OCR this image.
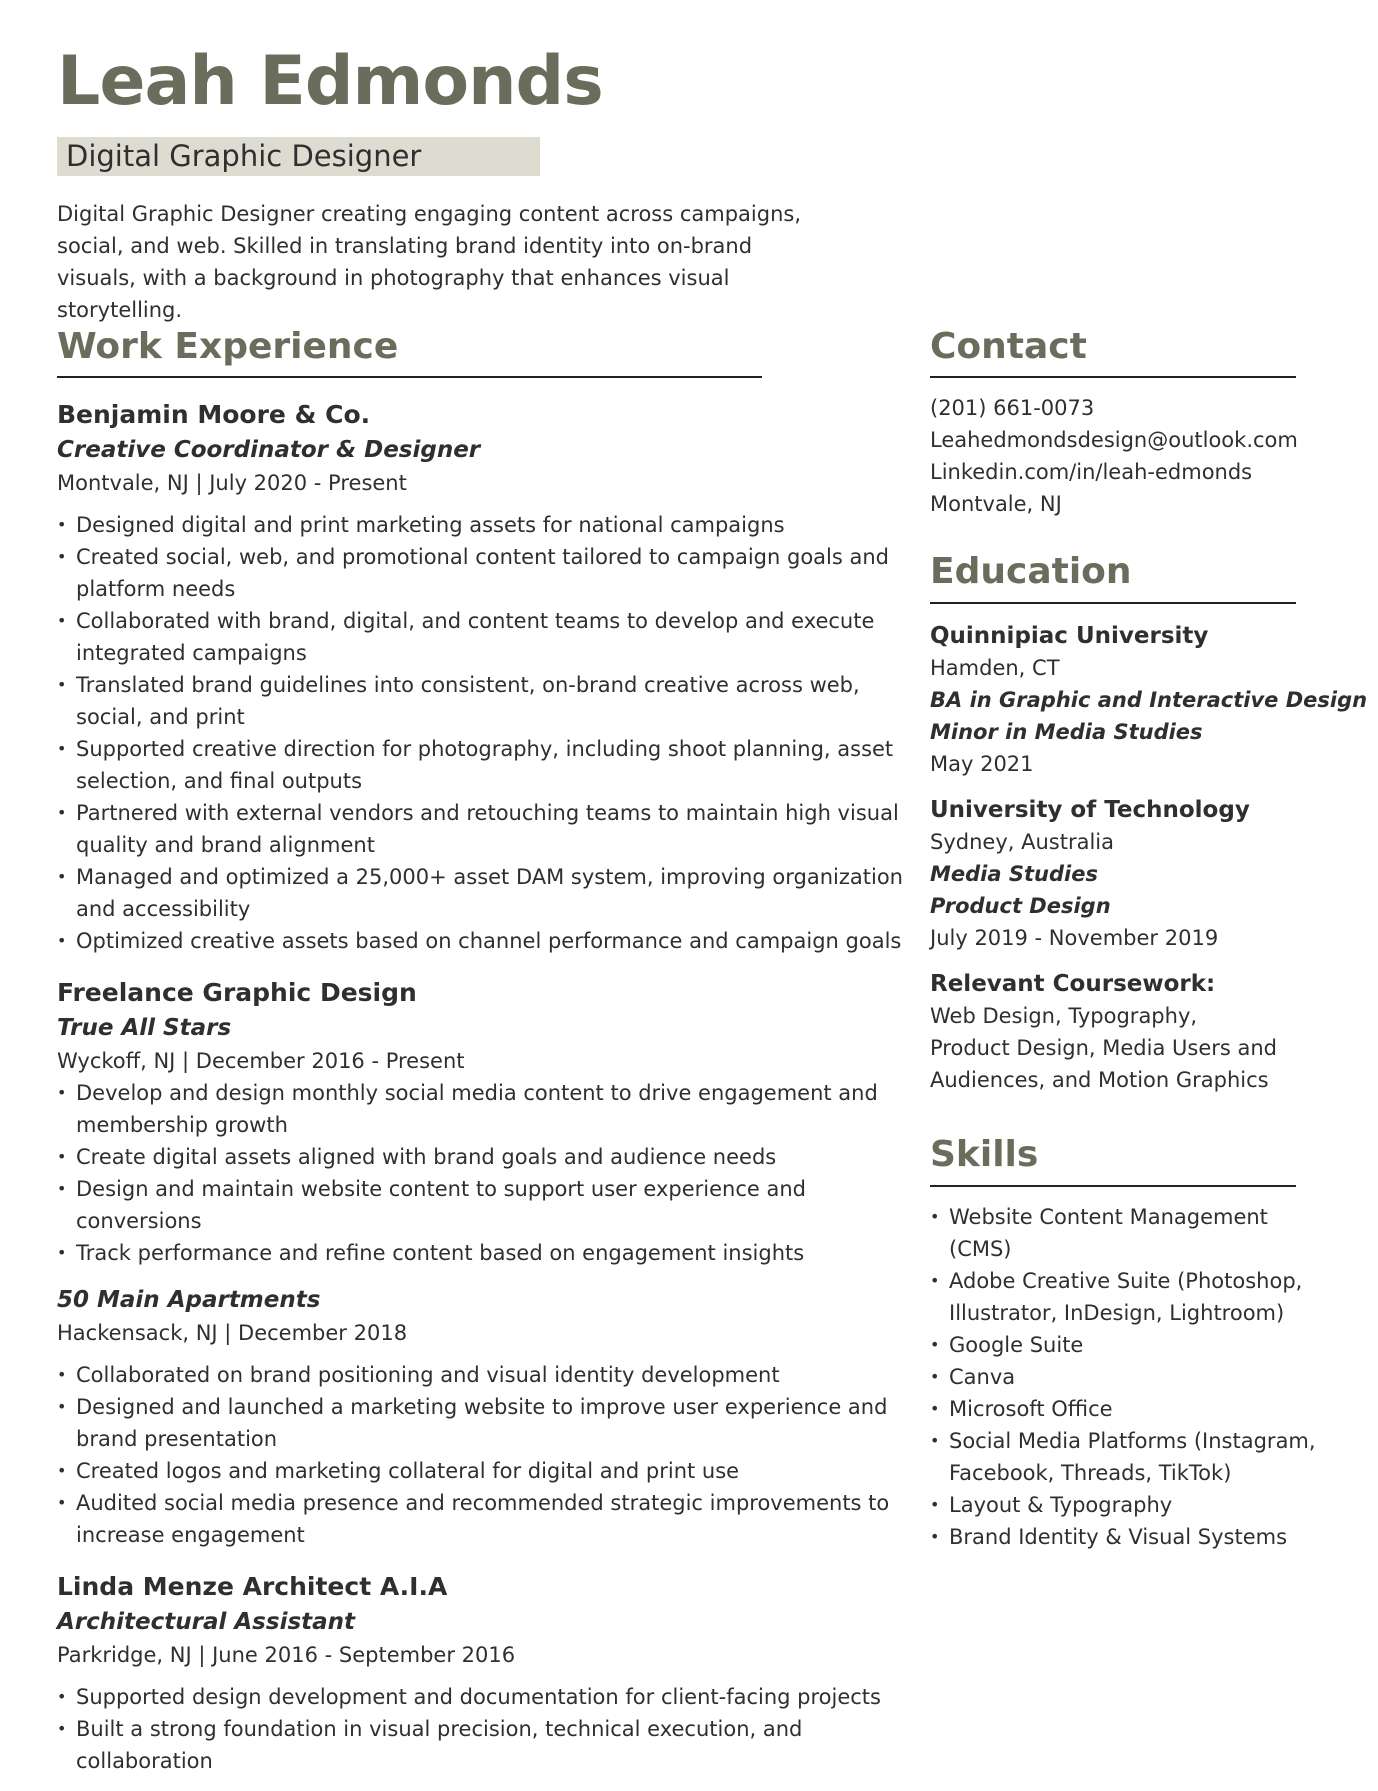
Leah Edmonds
Digital Graphic Designer

Digital Graphic Designer creating engaging content across campaigns, social, and web. Skilled in translating brand identity into on-brand visuals, with a background in photography that enhances visual storytelling.

Work Experience
Benjamin Moore & Co.
Creative Coordinator & Designer
Montvale, NJ | July 2020 - Present
• Designed digital and print marketing assets for national campaigns
• Created social, web, and promotional content tailored to campaign goals and platform needs
• Collaborated with brand, digital, and content teams to develop and execute integrated campaigns
• Translated brand guidelines into consistent, on-brand creative across web, social, and print
• Supported creative direction for photography, including shoot planning, asset selection, and final outputs
• Partnered with external vendors and retouching teams to maintain high visual quality and brand alignment
• Managed and optimized a 25,000+ asset DAM system, improving organization and accessibility
• Optimized creative assets based on channel performance and campaign goals
Freelance Graphic Design
True All Stars
Wyckoff, NJ | December 2016 - Present
• Develop and design monthly social media content to drive engagement and membership growth
• Create digital assets aligned with brand goals and audience needs
• Design and maintain website content to support user experience and conversions
• Track performance and refine content based on engagement insights
50 Main Apartments
Hackensack, NJ | December 2018
• Collaborated on brand positioning and visual identity development
• Designed and launched a marketing website to improve user experience and brand presentation
• Created logos and marketing collateral for digital and print use
• Audited social media presence and recommended strategic improvements to increase engagement
Linda Menze Architect A.I.A
Architectural Assistant
Parkridge, NJ | June 2016 - September 2016
• Supported design development and documentation for client-facing projects
• Built a strong foundation in visual precision, technical execution, and collaboration
Contact
(201) 661-0073
Leahedmondsdesign@outlook.com
Linkedin.com/in/leah-edmonds
Montvale, NJ
Education
Quinnipiac University
Hamden, CT
BA in Graphic and Interactive Design
Minor in Media Studies
May 2021
University of Technology
Sydney, Australia
Media Studies
Product Design
July 2019 - November 2019
Relevant Coursework:
Web Design, Typography,
Product Design, Media Users and
Audiences, and Motion Graphics
Skills
• Website Content Management (CMS)
• Adobe Creative Suite (Photoshop, Illustrator, InDesign, Lightroom)
• Google Suite
• Canva
• Microsoft Office
• Social Media Platforms (Instagram, Facebook, Threads, TikTok)
• Layout & Typography
• Brand Identity & Visual Systems
